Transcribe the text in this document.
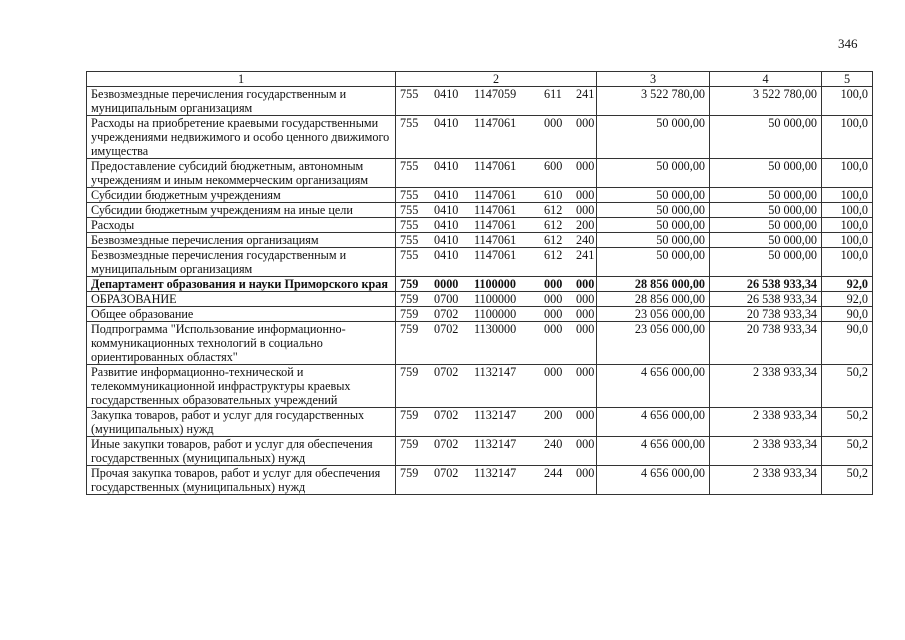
346
1	2	3	4	5
Безвозмездные перечисления государственным и муниципальным организациям	755 0410 1147059 611 241	3 522 780,00	3 522 780,00	100,0
Расходы на приобретение краевыми государственными учреждениями недвижимого и особо ценного движимого имущества	755 0410 1147061 000 000	50 000,00	50 000,00	100,0
Предоставление субсидий бюджетным, автономным учреждениям и иным некоммерческим организациям	755 0410 1147061 600 000	50 000,00	50 000,00	100,0
Субсидии бюджетным учреждениям	755 0410 1147061 610 000	50 000,00	50 000,00	100,0
Субсидии бюджетным учреждениям на иные цели	755 0410 1147061 612 000	50 000,00	50 000,00	100,0
Расходы	755 0410 1147061 612 200	50 000,00	50 000,00	100,0
Безвозмездные перечисления организациям	755 0410 1147061 612 240	50 000,00	50 000,00	100,0
Безвозмездные перечисления государственным и муниципальным организациям	755 0410 1147061 612 241	50 000,00	50 000,00	100,0
Департамент образования и науки Приморского края	759 0000 1100000 000 000	28 856 000,00	26 538 933,34	92,0
ОБРАЗОВАНИЕ	759 0700 1100000 000 000	28 856 000,00	26 538 933,34	92,0
Общее образование	759 0702 1100000 000 000	23 056 000,00	20 738 933,34	90,0
Подпрограмма "Использование информационно-коммуникационных технологий в социально ориентированных областях"	759 0702 1130000 000 000	23 056 000,00	20 738 933,34	90,0
Развитие информационно-технической и телекоммуникационной инфраструктуры краевых государственных образовательных учреждений	759 0702 1132147 000 000	4 656 000,00	2 338 933,34	50,2
Закупка товаров, работ и услуг для государственных (муниципальных) нужд	759 0702 1132147 200 000	4 656 000,00	2 338 933,34	50,2
Иные закупки товаров, работ и услуг для обеспечения государственных (муниципальных) нужд	759 0702 1132147 240 000	4 656 000,00	2 338 933,34	50,2
Прочая закупка товаров, работ и услуг для обеспечения государственных (муниципальных) нужд	759 0702 1132147 244 000	4 656 000,00	2 338 933,34	50,2
